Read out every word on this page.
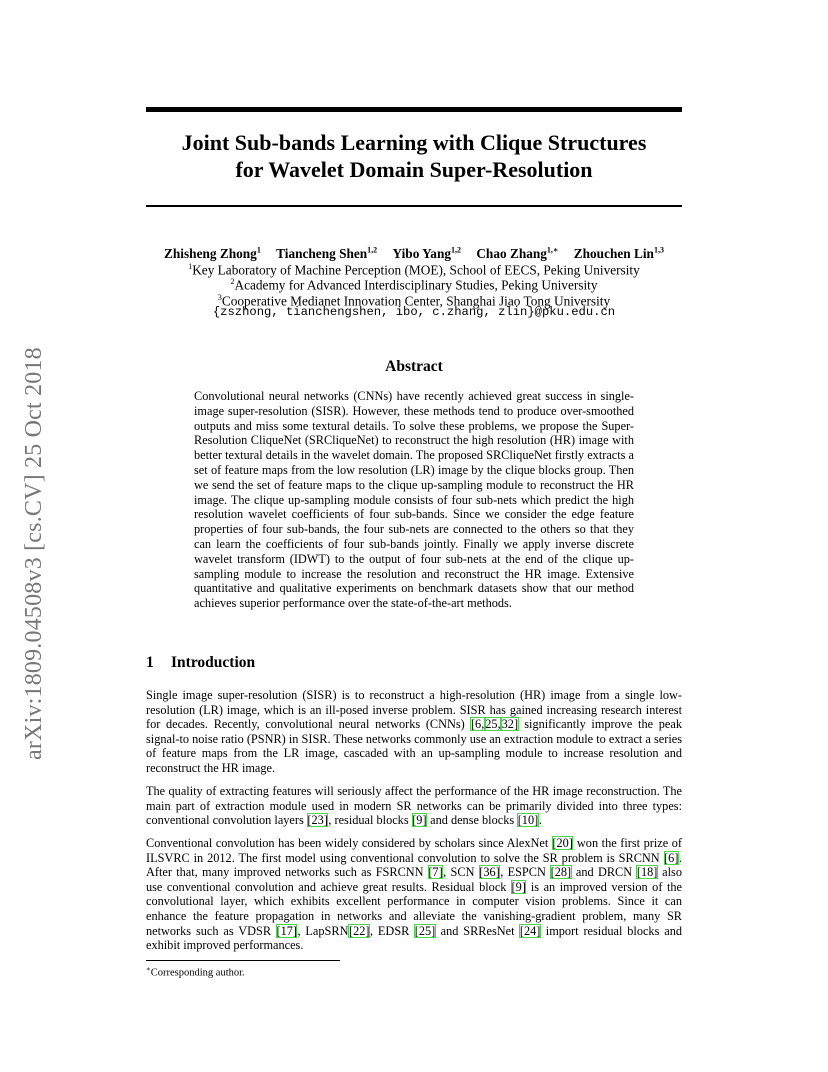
arXiv:1809.04508v3 [cs.CV] 25 Oct 2018
Joint Sub-bands Learning with Clique Structures
for Wavelet Domain Super-Resolution
Zhisheng Zhong$^1$ Tiancheng Shen$^{1,2}$ Yibo Yang$^{1,2}$ Chao Zhang$^{1,∗}$ Zhouchen Lin$^{1,3}$
$^1$Key Laboratory of Machine Perception (MOE), School of EECS, Peking University
$^2$Academy for Advanced Interdisciplinary Studies, Peking University
$^3$Cooperative Medianet Innovation Center, Shanghai Jiao Tong University
{zszhong, tianchengshen, ibo, c.zhang, zlin}@pku.edu.cn
Abstract
Convolutional neural networks (CNNs) have recently achieved great success in single-image super-resolution (SISR). However, these methods tend to produce over-smoothed outputs and miss some textural details. To solve these problems, we propose the Super-Resolution CliqueNet (SRCliqueNet) to reconstruct the high resolution (HR) image with better textural details in the wavelet domain. The proposed SRCliqueNet firstly extracts a set of feature maps from the low resolution (LR) image by the clique blocks group. Then we send the set of feature maps to the clique up-sampling module to reconstruct the HR image. The clique up-sampling module consists of four sub-nets which predict the high resolution wavelet coefficients of four sub-bands. Since we consider the edge feature properties of four sub-bands, the four sub-nets are connected to the others so that they can learn the coefficients of four sub-bands jointly. Finally we apply inverse discrete wavelet transform (IDWT) to the output of four sub-nets at the end of the clique up-sampling module to increase the resolution and reconstruct the HR image. Extensive quantitative and qualitative experiments on benchmark datasets show that our method achieves superior performance over the state-of-the-art methods.
1 Introduction

Single image super-resolution (SISR) is to reconstruct a high-resolution (HR) image from a single low-resolution (LR) image, which is an ill-posed inverse problem. SISR has gained increasing research interest for decades. Recently, convolutional neural networks (CNNs) [6,25,32] significantly improve the peak signal-to noise ratio (PSNR) in SISR. These networks commonly use an extraction module to extract a series of feature maps from the LR image, cascaded with an up-sampling module to increase resolution and reconstruct the HR image.

The quality of extracting features will seriously affect the performance of the HR image reconstruction. The main part of extraction module used in modern SR networks can be primarily divided into three types: conventional convolution layers [23], residual blocks [9] and dense blocks [10].

Conventional convolution has been widely considered by scholars since AlexNet [20] won the first prize of ILSVRC in 2012. The first model using conventional convolution to solve the SR problem is SRCNN [6]. After that, many improved networks such as FSRCNN [7], SCN [36], ESPCN [28] and DRCN [18] also use conventional convolution and achieve great results. Residual block [9] is an improved version of the convolutional layer, which exhibits excellent performance in computer vision problems. Since it can enhance the feature propagation in networks and alleviate the vanishing-gradient problem, many SR networks such as VDSR [17], LapSRN[22], EDSR [25] and SRResNet [24] import residual blocks and exhibit improved performances.

∗Corresponding author.
